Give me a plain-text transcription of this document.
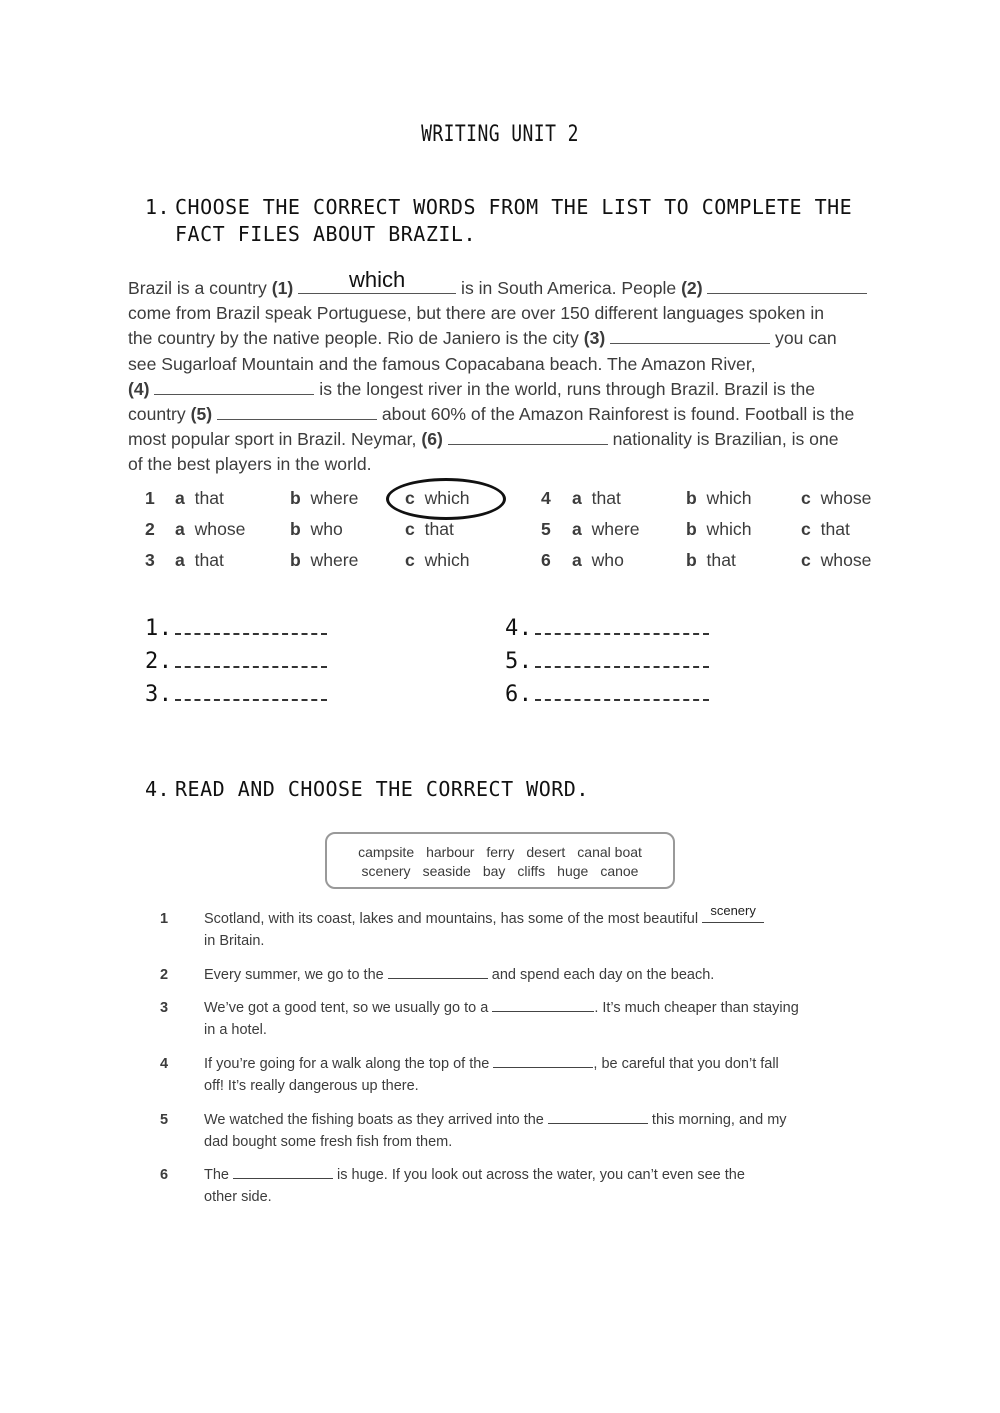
WRITING UNIT 2
1. CHOOSE THE CORRECT WORDS FROM THE LIST TO COMPLETE THE FACT FILES ABOUT BRAZIL.
Brazil is a country (1)	which	is in South America. People (2)
come from Brazil speak Portuguese, but there are over 150 different languages spoken in
the country by the native people. Rio de Janiero is the city (3)	you can
see Sugarloaf Mountain and the famous Copacabana beach. The Amazon River,
(4)	is the longest river in the world, runs through Brazil. Brazil is the
country (5)	about 60% of the Amazon Rainforest is found. Football is the
most popular sport in Brazil. Neymar, (6)	nationality is Brazilian, is one
of the best players in the world.
1 a that	b where	c which	4 a that	b which	c whose
2 a whose	b who	c that	5 a where	b which	c that
3 a that	b where	c which	6 a who	b that	c whose
1.
2.
3.
4.
5.
6.
4. READ AND CHOOSE THE CORRECT WORD.
campsite harbour ferry desert canal boat
scenery seaside bay cliffs huge canoe
1	Scotland, with its coast, lakes and mountains, has some of the most beautiful
scenery

in Britain.
2	Every summer, we go to the	and spend each day on the beach.
3	We’ve got a good tent, so we usually go to a	. It’s much cheaper than staying
in a hotel.
4	If you’re going for a walk along the top of the	, be careful that you don’t fall
off! It’s really dangerous up there.
5	We watched the fishing boats as they arrived into the	this morning, and my
dad bought some fresh fish from them.
6	The	is huge. If you look out across the water, you can’t even see the
other side.
